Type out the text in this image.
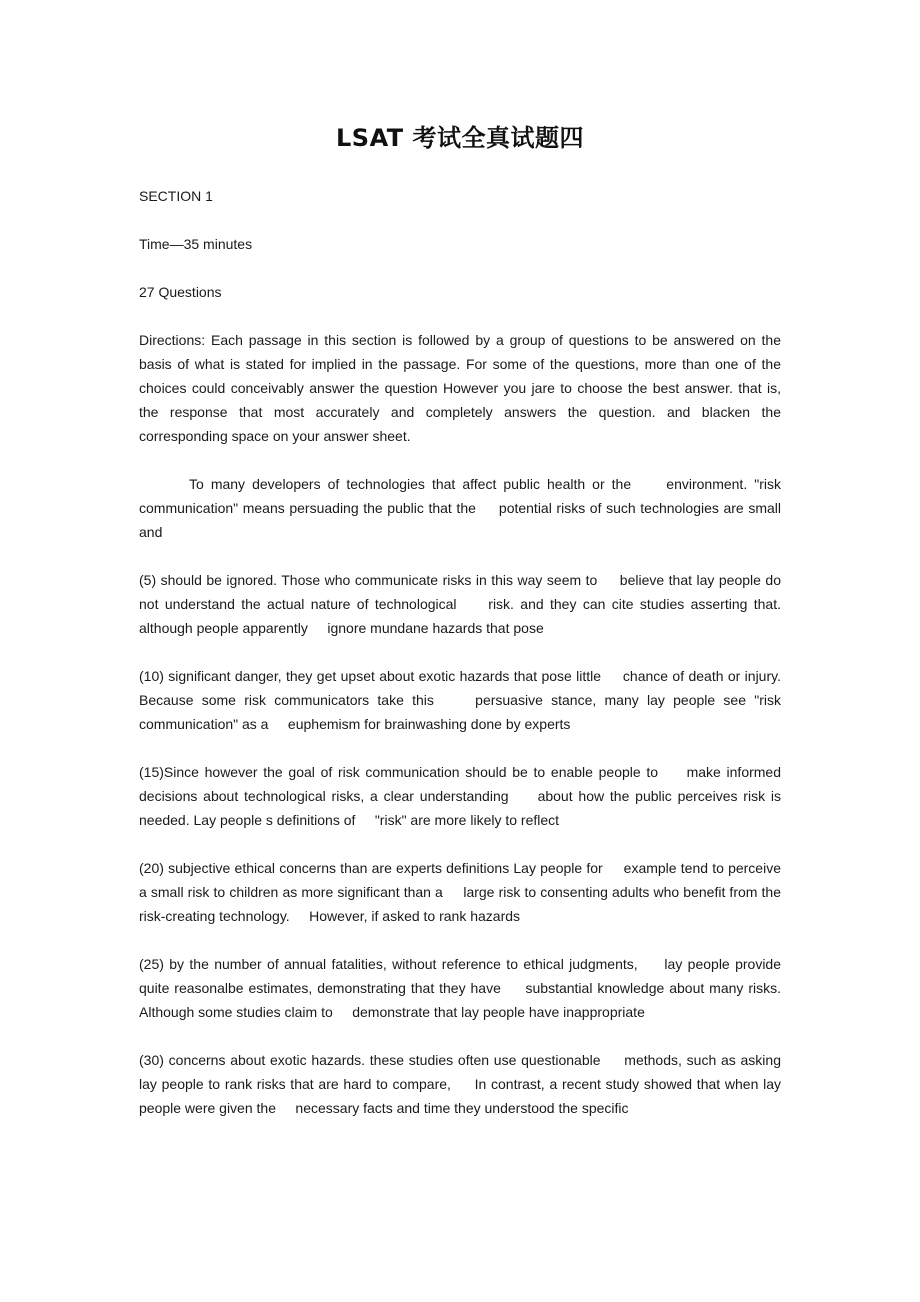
LSAT 考试全真试题四

SECTION 1

Time—35 minutes

27 Questions

Directions: Each passage in this section is followed by a group of questions to be answered on the basis of what is stated for implied in the passage. For some of the questions, more than one of the choices could conceivably answer the question However you jare to choose the best answer. that is, the response that most accurately and completely answers the question. and blacken the corresponding space on your answer sheet.

To many developers of technologies that affect public health or the     environment. "risk communication" means persuading the public that the     potential risks of such technologies are small and

(5) should be ignored. Those who communicate risks in this way seem to     believe that lay people do not understand the actual nature of technological     risk. and they can cite studies asserting that. although people apparently     ignore mundane hazards that pose

(10) significant danger, they get upset about exotic hazards that pose little     chance of death or injury. Because some risk communicators take this     persuasive stance, many lay people see "risk communication" as a     euphemism for brainwashing done by experts

(15)Since however the goal of risk communication should be to enable people to     make informed decisions about technological risks, a clear understanding     about how the public perceives risk is needed. Lay people s definitions of     "risk" are more likely to reflect

(20) subjective ethical concerns than are experts definitions Lay people for     example tend to perceive a small risk to children as more significant than a     large risk to consenting adults who benefit from the risk-creating technology.     However, if asked to rank hazards

(25) by the number of annual fatalities, without reference to ethical judgments,     lay people provide quite reasonalbe estimates, demonstrating that they have     substantial knowledge about many risks. Although some studies claim to     demonstrate that lay people have inappropriate

(30) concerns about exotic hazards. these studies often use questionable     methods, such as asking lay people to rank risks that are hard to compare,     In contrast, a recent study showed that when lay people were given the     necessary facts and time they understood the specific
